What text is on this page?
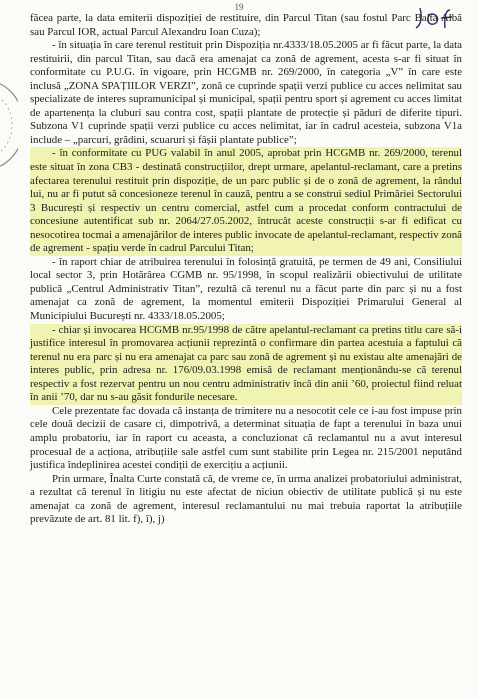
19

făcea parte, la data emiterii dispoziției de restituire, din Parcul Titan (sau fostul Parc Balta Albă sau Parcul IOR, actual Parcul Alexandru Ioan Cuza);

- în situația în care terenul restituit prin Dispoziția nr.4333/18.05.2005 ar fi făcut parte, la data restituirii, din parcul Titan, sau dacă era amenajat ca zonă de agrement, acesta s-ar fi situat în conformitate cu P.U.G. în vigoare, prin HCGMB nr. 269/2000, în categoria „V” în care este inclusă „ZONA SPAȚIILOR VERZI”, zonă ce cuprinde spații verzi publice cu acces nelimitat sau specializate de interes supramunicipal și municipal, spații pentru sport și agrement cu acces limitat de apartenența la cluburi sau contra cost, spații plantate de protecție și păduri de diferite tipuri. Subzona V1 cuprinde spații verzi publice cu acces nelimitat, iar în cadrul acesteia, subzona V1a include – „parcuri, grădini, scuaruri și fâșii plantate publice”;

- în conformitate cu PUG valabil în anul 2005, aprobat prin HCGMB nr. 269/2000, terenul este situat în zona CB3 - destinată construcțiilor, drept urmare, apelantul-reclamant, care a pretins afectarea terenului restituit prin dispoziție, de un parc public și de o zonă de agrement, la rândul lui, nu ar fi putut să concesioneze terenul în cauză, pentru a se construi sediul Primăriei Sectorului 3 București și respectiv un centru comercial, astfel cum a procedat conform contractului de concesiune autentificat sub nr. 2064/27.05.2002, întrucât aceste construcții s-ar fi edificat cu nesocotirea tocmai a amenajărilor de interes public invocate de apelantul-reclamant, respectiv zonă de agrement - spațiu verde în cadrul Parcului Titan;

- în raport chiar de atribuirea terenului în folosință gratuită, pe termen de 49 ani, Consiliului local sector 3, prin Hotărârea CGMB nr. 95/1998, în scopul realizării obiectivului de utilitate publică „Centrul Administrativ Titan”, rezultă că terenul nu a făcut parte din parc și nu a fost amenajat ca zonă de agrement, la momentul emiterii Dispoziției Primarului General al Municipiului București nr. 4333/18.05.2005;

- chiar și invocarea HCGMB nr.95/1998 de către apelantul-reclamant ca pretins titlu care să-i justifice interesul în promovarea acțiunii reprezintă o confirmare din partea acestuia a faptului că terenul nu era parc și nu era amenajat ca parc sau zonă de agrement și nu existau alte amenajări de interes public, prin adresa nr. 176/09.03.1998 emisă de reclamant menționându-se că terenul respectiv a fost rezervat pentru un nou centru administrativ încă din anii ’60, proiectul fiind reluat în anii ’70, dar nu s-au găsit fondurile necesare.

Cele prezentate fac dovada că instanța de trimitere nu a nesocotit cele ce i-au fost impuse prin cele două decizii de casare ci, dimpotrivă, a determinat situația de fapt a terenului în baza unui amplu probatoriu, iar în raport cu aceasta, a concluzionat că reclamantul nu a avut interesul procesual de a acționa, atribuțiile sale astfel cum sunt stabilite prin Legea nr. 215/2001 neputând justifica îndeplinirea acestei condiții de exercițiu a acțiunii.

Prin urmare, Înalta Curte constată că, de vreme ce, în urma analizei probatoriului administrat, a rezultat că terenul în litigiu nu este afectat de niciun obiectiv de utilitate publică și nu este amenajat ca zonă de agrement, interesul reclamantului nu mai trebuia raportat la atribuțiile prevăzute de art. 81 lit. f), î), j)
